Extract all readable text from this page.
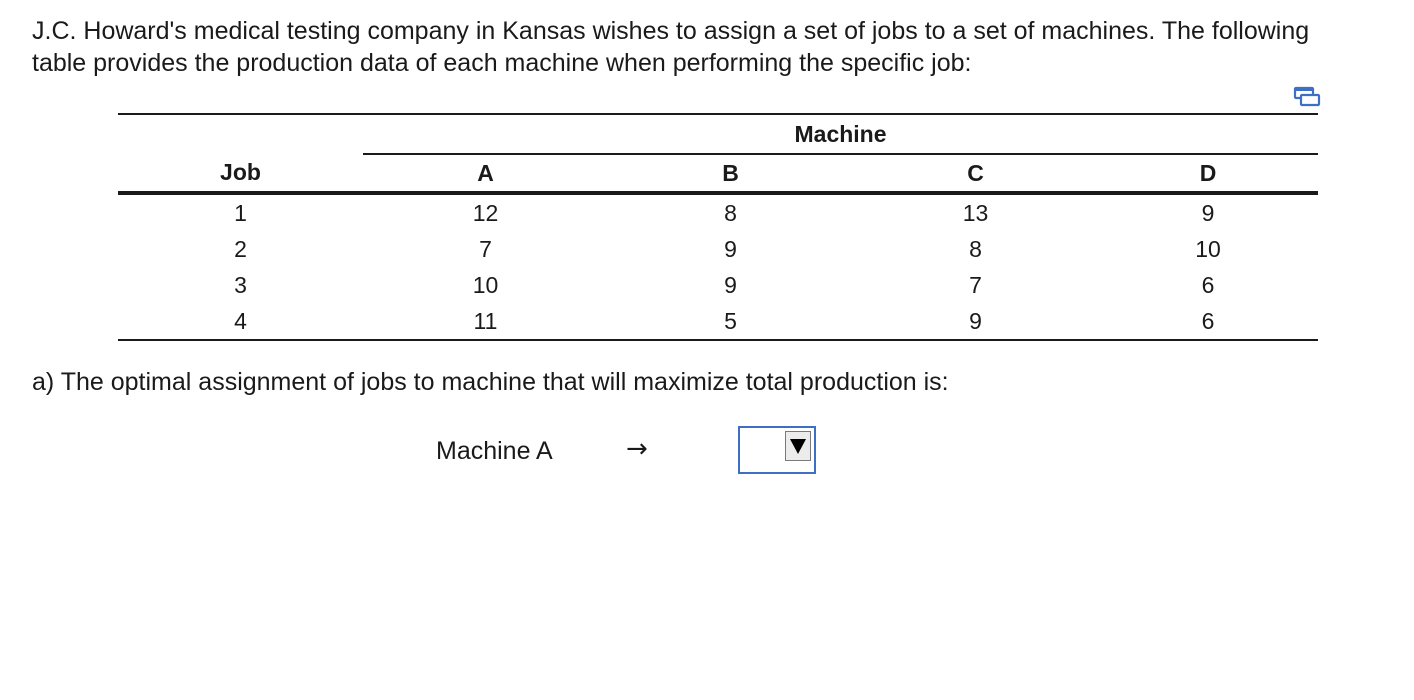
J.C. Howard's medical testing company in Kansas wishes to assign a set of jobs to a set of machines. The following
table provides the production data of each machine when performing the specific job:

	Machine			
Job	A	B	C	D
1	12	8	13	9
2	7	9	8	10
3	10	9	7	6
4	11	5	9	6

a) The optimal assignment of jobs to machine that will maximize total production is:

Machine A	→
